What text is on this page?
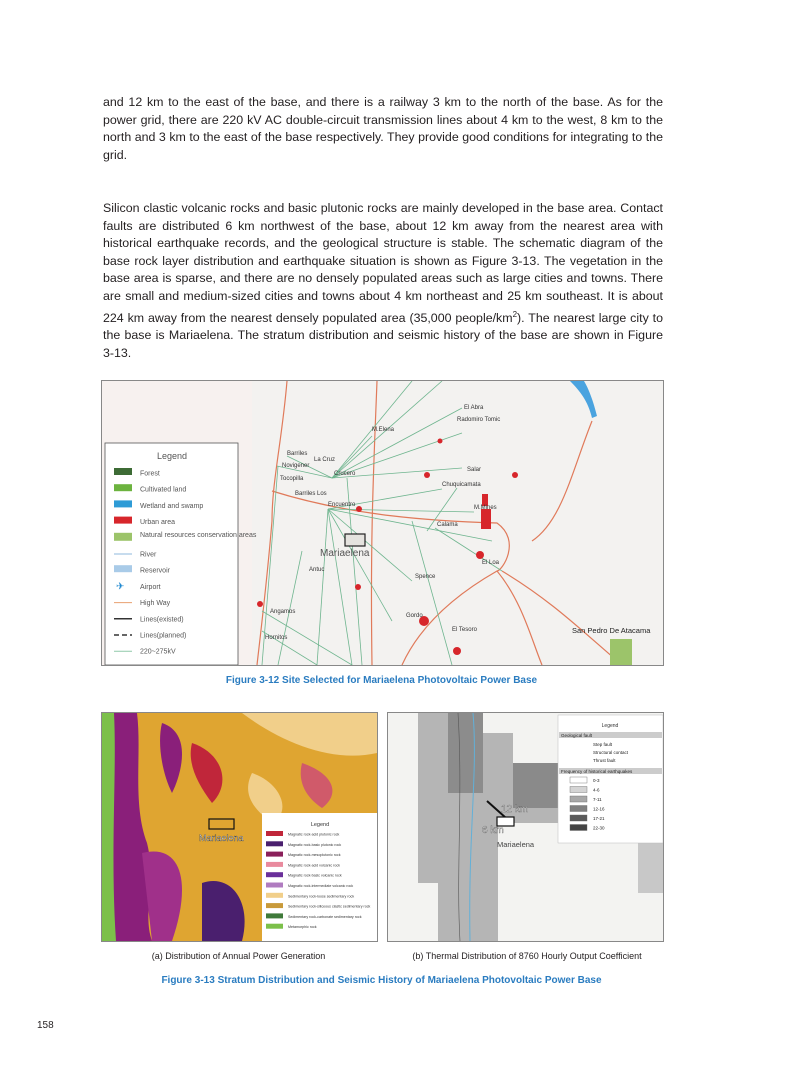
and 12 km to the east of the base, and there is a railway 3 km to the north of the base. As for the power grid, there are 220 kV AC double-circuit transmission lines about 4 km to the west, 8 km to the north and 3 km to the east of the base respectively. They provide good conditions for integrating to the grid.

Silicon clastic volcanic rocks and basic plutonic rocks are mainly developed in the base area. Contact faults are distributed 6 km northwest of the base, about 12 km away from the nearest area with historical earthquake records, and the geological structure is stable. The schematic diagram of the base rock layer distribution and earthquake situation is shown as Figure 3-13. The vegetation in the base area is sparse, and there are no densely populated areas such as large cities and towns. There are small and medium-sized cities and towns about 4 km northeast and 25 km southeast. It is about 224 km away from the nearest densely populated area (35,000 people/$km^2$). The nearest large city to the base is Mariaelena. The stratum distribution and seismic history of the base are shown in Figure 3-13.

El Abra
Radomiro Tomic
M.Elena
Barriles
La Cruz
Novigener
Crucero
Tocopilla
Barriles Los
Salar
Chuquicamata
Encuentro	M.Mines
Calama
Mariaelena
El Loa
Antuc
Spence
Angamos
Gordo
El Tesoro
Hornitos
San Pedro De Atacama
Legend
Forest
Cultivated land
Wetland and swamp
Urban area
Natural resources conservation areas
River
Reservoir
✈ Airport
High Way
Lines(existed)
Lines(planned)
220~275kV
Figure 3-12 Site Selected for Mariaelena Photovoltaic Power Base
Mariaelena
Legend
Magnatic rock-acid plutonic rock
Magnatic rock-basic plutonic rock
Magnatic rock-mesoplutonic rock
Magnatic rock-acid volcanic rock
Magnatic rock-basic volcanic rock
Magnatic rock-intermediate volcanic rock
Sedimentary rock-loose sedimentary rock
Sedimentary rock-siliceous clastic sedimentary rock
Sedimentary rock-carbonate sedimentary rock
Metamorphic rock
12 km
6 km
Mariaelena
Legend
Geological fault
Step fault
Structural contact
Thrust fault
Frequency of historical earthquakes
0-3
4-6
7-11
12-16
17-21
22-30
(a) Distribution of Annual Power Generation	(b) Thermal Distribution of 8760 Hourly Output Coefficient
Figure 3-13 Stratum Distribution and Seismic History of Mariaelena Photovoltaic Power Base
158
